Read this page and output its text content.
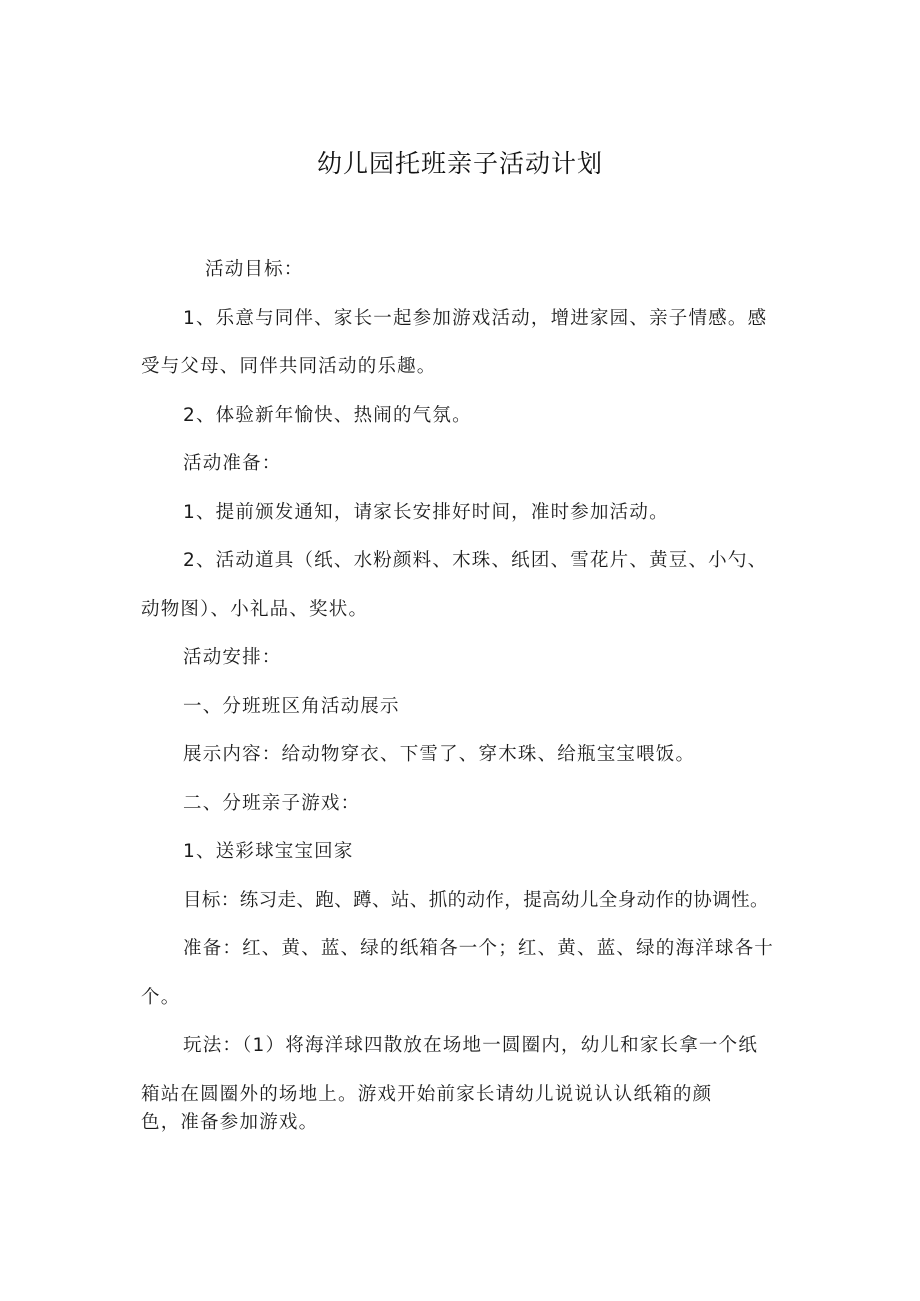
幼儿园托班亲子活动计划
活动目标：
1、乐意与同伴、家长一起参加游戏活动，增进家园、亲子情感。感
受与父母、同伴共同活动的乐趣。
2、体验新年愉快、热闹的气氛。
活动准备：
1、提前颁发通知，请家长安排好时间，准时参加活动。
2、活动道具（纸、水粉颜料、木珠、纸团、雪花片、黄豆、小勺、
动物图）、小礼品、奖状。
活动安排：
一、分班班区角活动展示
展示内容：给动物穿衣、下雪了、穿木珠、给瓶宝宝喂饭。
二、分班亲子游戏：
1、送彩球宝宝回家
目标：练习走、跑、蹲、站、抓的动作，提高幼儿全身动作的协调性。
准备：红、黄、蓝、绿的纸箱各一个；红、黄、蓝、绿的海洋球各十
个。
玩法：（1）将海洋球四散放在场地一圆圈内，幼儿和家长拿一个纸
箱站在圆圈外的场地上。游戏开始前家长请幼儿说说认认纸箱的颜
色，准备参加游戏。
